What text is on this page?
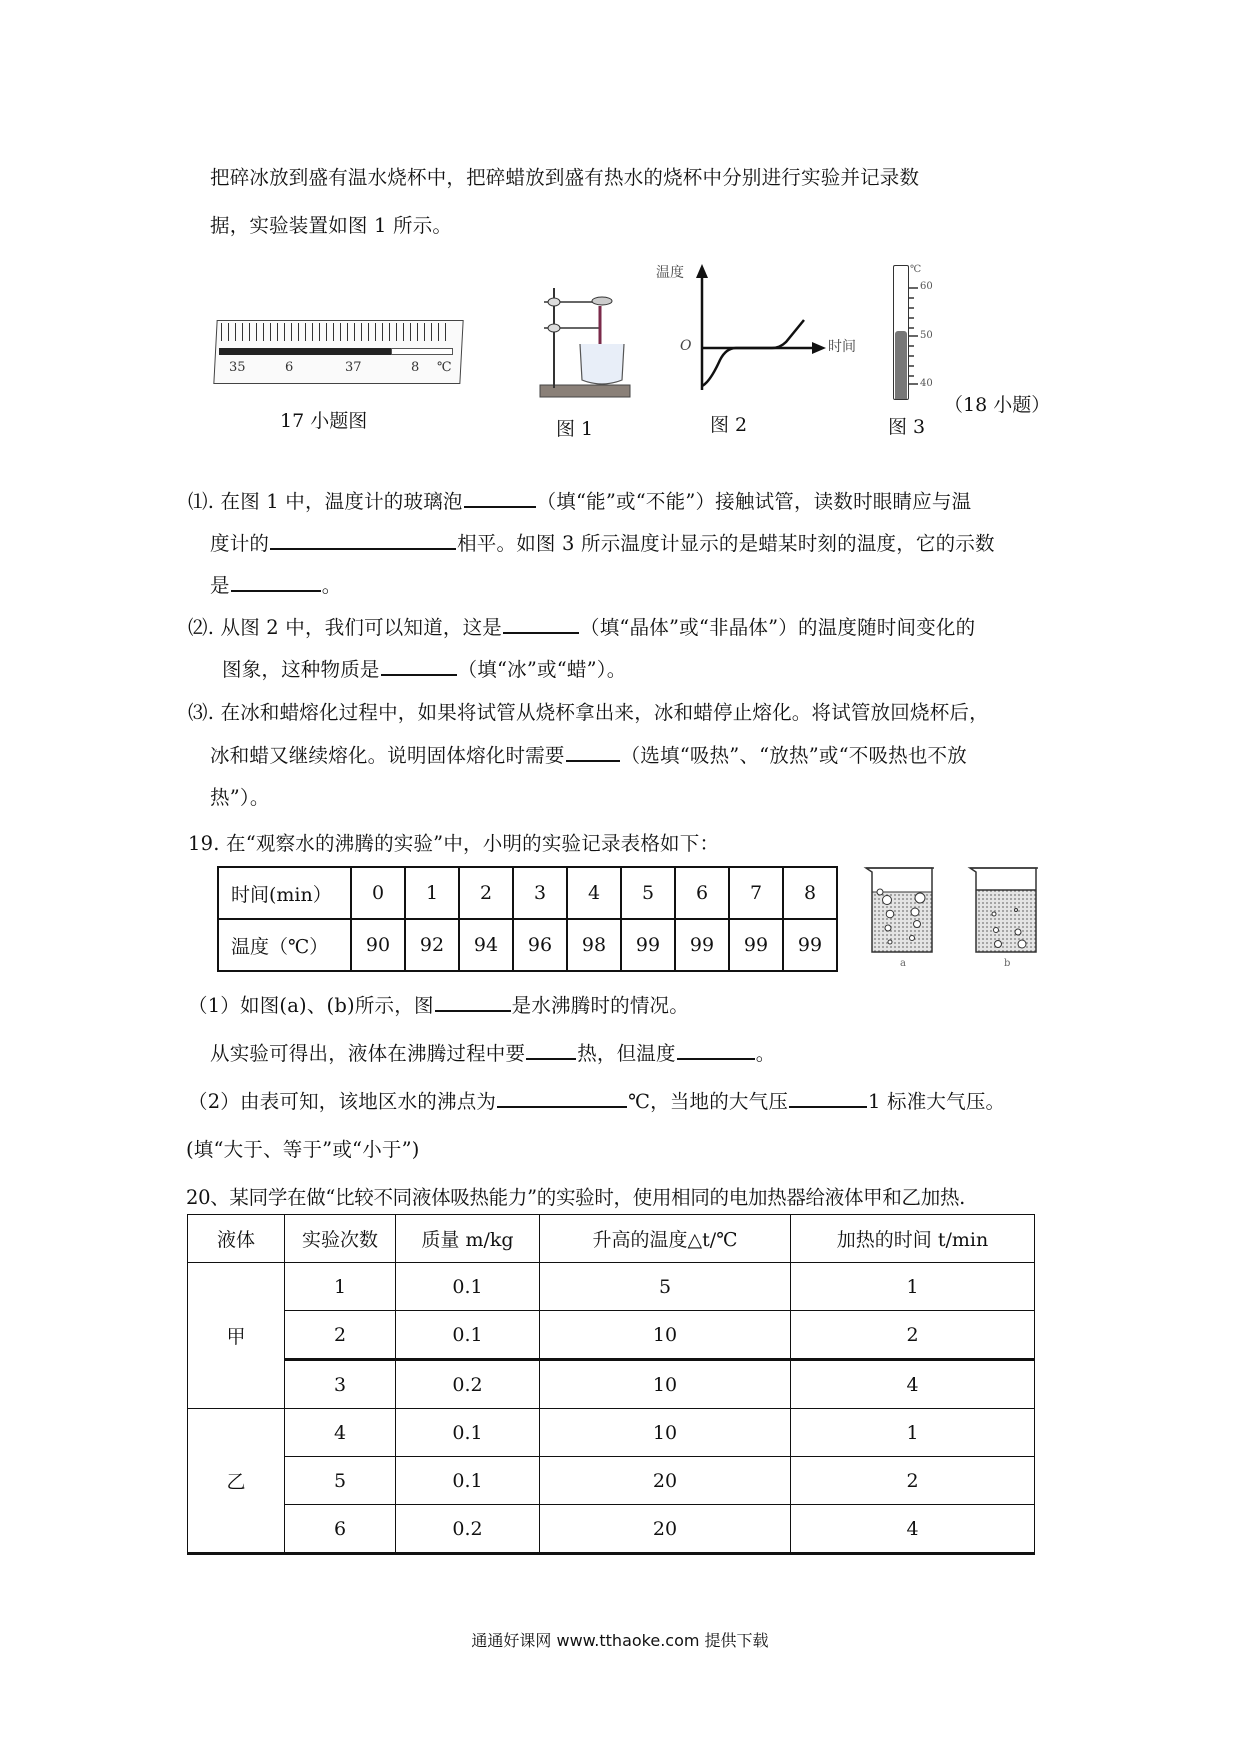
把碎冰放到盛有温水烧杯中，把碎蜡放到盛有热水的烧杯中分别进行实验并记录数
据，实验装置如图 1 所示。
35	6	37	8 ℃
17 小题图	图 1
温度
O	时间
图 2
℃
60
50
40
图 3
（18 小题）
⑴. 在图 1 中，温度计的玻璃泡	（填“能”或“不能”）接触试管，读数时眼睛应与温
度计的	相平。如图 3 所示温度计显示的是蜡某时刻的温度，它的示数
是	。
⑵. 从图 2 中，我们可以知道，这是	（填“晶体”或“非晶体”）的温度随时间变化的
图象，这种物质是	（填“冰”或“蜡”）。
⑶. 在冰和蜡熔化过程中，如果将试管从烧杯拿出来，冰和蜡停止熔化。将试管放回烧杯后，
冰和蜡又继续熔化。说明固体熔化时需要	（选填“吸热”、“放热”或“不吸热也不放
热”）。
19. 在“观察水的沸腾的实验”中，小明的实验记录表格如下：
时间(min）	0	1	2	3	4	5	6	7	8
温度（℃）	90	92	94	96	98	99	99	99	99
a	b
（1）如图(a)、(b)所示，图	是水沸腾时的情况。
从实验可得出，液体在沸腾过程中要	热，但温度	。
（2）由表可知，该地区水的沸点为	℃，当地的大气压	1 标准大气压。
(填“大于、等于”或“小于”)
20、某同学在做“比较不同液体吸热能力”的实验时，使用相同的电加热器给液体甲和乙加热.
液体	实验次数	质量 m/kg	升高的温度△t/℃	加热的时间 t/min
甲	1	0.1	5	1
	2	0.1	10	2
	3	0.2	10	4
乙	4	0.1	10	1
	5	0.1	20	2
	6	0.2	20	4
通通好课网 www.tthaoke.com 提供下载
